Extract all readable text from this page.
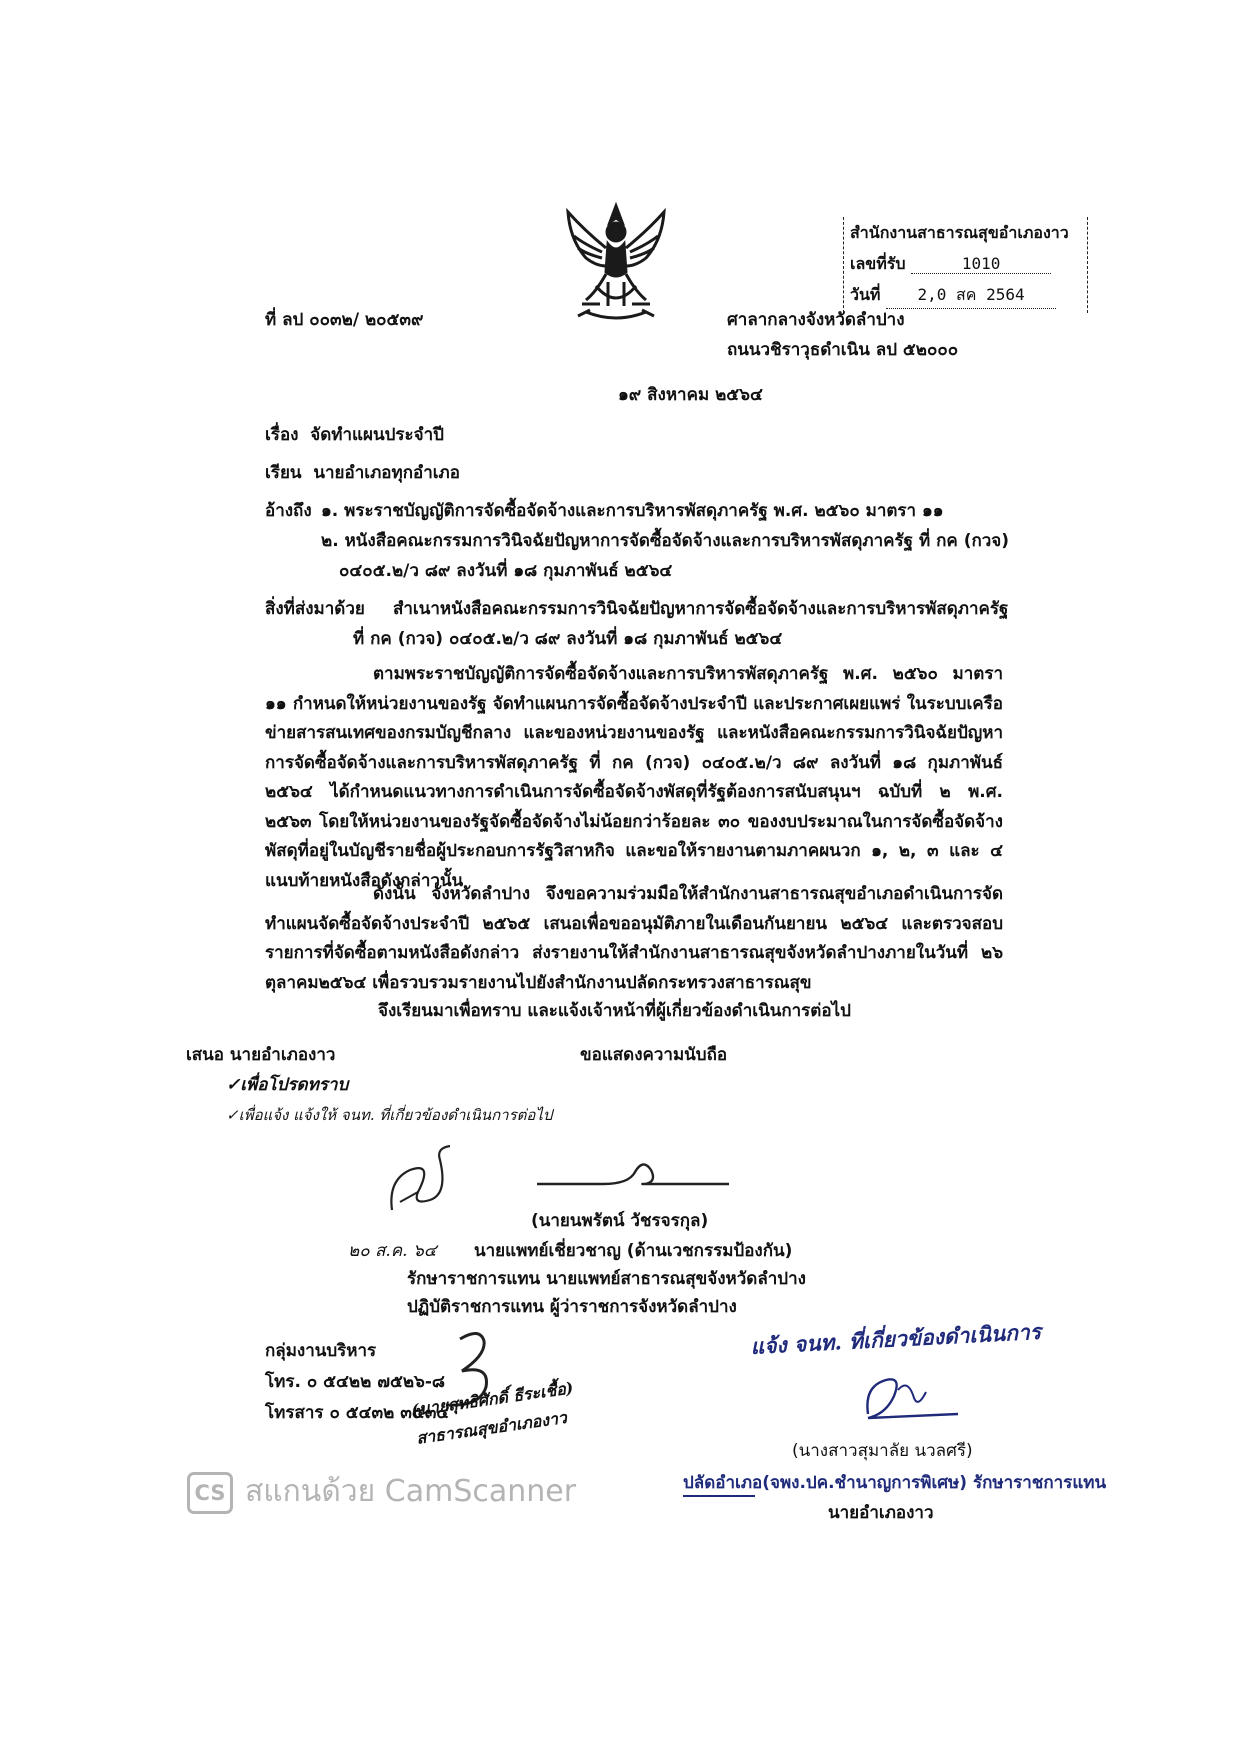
สำนักงานสาธารณสุขอำเภองาว
เลขที่รับ	1010
วันที่ 2,0 สค 2564
ที่ ลป ๐๐๓๒/ ๒๐๕๓๙	ศาลากลางจังหวัดลำปาง
ถนนวชิราวุธดำเนิน ลป ๕๒๐๐๐
๑๙ สิงหาคม ๒๕๖๔
เรื่อง จัดทำแผนประจำปี
เรียน นายอำเภอทุกอำเภอ
อ้างถึง ๑. พระราชบัญญัติการจัดซื้อจัดจ้างและการบริหารพัสดุภาครัฐ พ.ศ. ๒๕๖๐ มาตรา ๑๑
๒. หนังสือคณะกรรมการวินิจฉัยปัญหาการจัดซื้อจัดจ้างและการบริหารพัสดุภาครัฐ ที่ กค (กวจ)
๐๔๐๕.๒/ว ๘๙ ลงวันที่ ๑๘ กุมภาพันธ์ ๒๕๖๔
สิ่งที่ส่งมาด้วย สำเนาหนังสือคณะกรรมการวินิจฉัยปัญหาการจัดซื้อจัดจ้างและการบริหารพัสดุภาครัฐ
ที่ กค (กวจ) ๐๔๐๕.๒/ว ๘๙ ลงวันที่ ๑๘ กุมภาพันธ์ ๒๕๖๔
ตามพระราชบัญญัติการจัดซื้อจัดจ้างและการบริหารพัสดุภาครัฐ พ.ศ. ๒๕๖๐ มาตรา ๑๑ กำหนดให้หน่วยงานของรัฐ จัดทำแผนการจัดซื้อจัดจ้างประจำปี และประกาศเผยแพร่ ในระบบเครือข่ายสารสนเทศของกรมบัญชีกลาง และของหน่วยงานของรัฐ และหนังสือคณะกรรมการวินิจฉัยปัญหาการจัดซื้อจัดจ้างและการบริหารพัสดุภาครัฐ ที่ กค (กวจ) ๐๔๐๕.๒/ว ๘๙ ลงวันที่ ๑๘ กุมภาพันธ์ ๒๕๖๔ ได้กำหนดแนวทางการดำเนินการจัดซื้อจัดจ้างพัสดุที่รัฐต้องการสนับสนุนฯ ฉบับที่ ๒ พ.ศ. ๒๕๖๓ โดยให้หน่วยงานของรัฐจัดซื้อจัดจ้างไม่น้อยกว่าร้อยละ ๓๐ ของงบประมาณในการจัดซื้อจัดจ้างพัสดุที่อยู่ในบัญชีรายชื่อผู้ประกอบการรัฐวิสาหกิจ และขอให้รายงานตามภาคผนวก ๑, ๒, ๓ และ ๔ แนบท้ายหนังสือดังกล่าวนั้น
ดังนั้น จังหวัดลำปาง จึงขอความร่วมมือให้สำนักงานสาธารณสุขอำเภอดำเนินการจัดทำแผนจัดซื้อจัดจ้างประจำปี ๒๕๖๕ เสนอเพื่อขออนุมัติภายในเดือนกันยายน ๒๕๖๔ และตรวจสอบรายการที่จัดซื้อตามหนังสือดังกล่าว ส่งรายงานให้สำนักงานสาธารณสุขจังหวัดลำปางภายในวันที่ ๒๖ ตุลาคม๒๕๖๔ เพื่อรวบรวมรายงานไปยังสำนักงานปลัดกระทรวงสาธารณสุข
จึงเรียนมาเพื่อทราบ และแจ้งเจ้าหน้าที่ผู้เกี่ยวข้องดำเนินการต่อไป
ขอแสดงความนับถือ
เสนอ นายอำเภองาว
✓เพื่อโปรดทราบ
✓เพื่อแจ้ง แจ้งให้ จนท. ที่เกี่ยวข้องดำเนินการต่อไป
(นายนพรัตน์ วัชรจรกุล)
๒๐ ส.ค. ๖๔ นายแพทย์เชี่ยวชาญ (ด้านเวชกรรมป้องกัน)
รักษาราชการแทน นายแพทย์สาธารณสุขจังหวัดลำปาง
ปฏิบัติราชการแทน ผู้ว่าราชการจังหวัดลำปาง
กลุ่มงานบริหาร
โทร. ๐ ๕๔๒๒ ๗๕๒๖-๘
โทรสาร ๐ ๕๔๓๒ ๓๕๓๔
(นายสุทธิศักดิ์ ธีระเชื้อ)
สาธารณสุขอำเภองาว
แจ้ง จนท. ที่เกี่ยวข้องดำเนินการ
(นางสาวสุมาลัย นวลศรี)
ปลัดอำเภอ(จพง.ปค.ชำนาญการพิเศษ) รักษาราชการแทน
นายอำเภองาว
CS สแกนด้วย CamScanner
